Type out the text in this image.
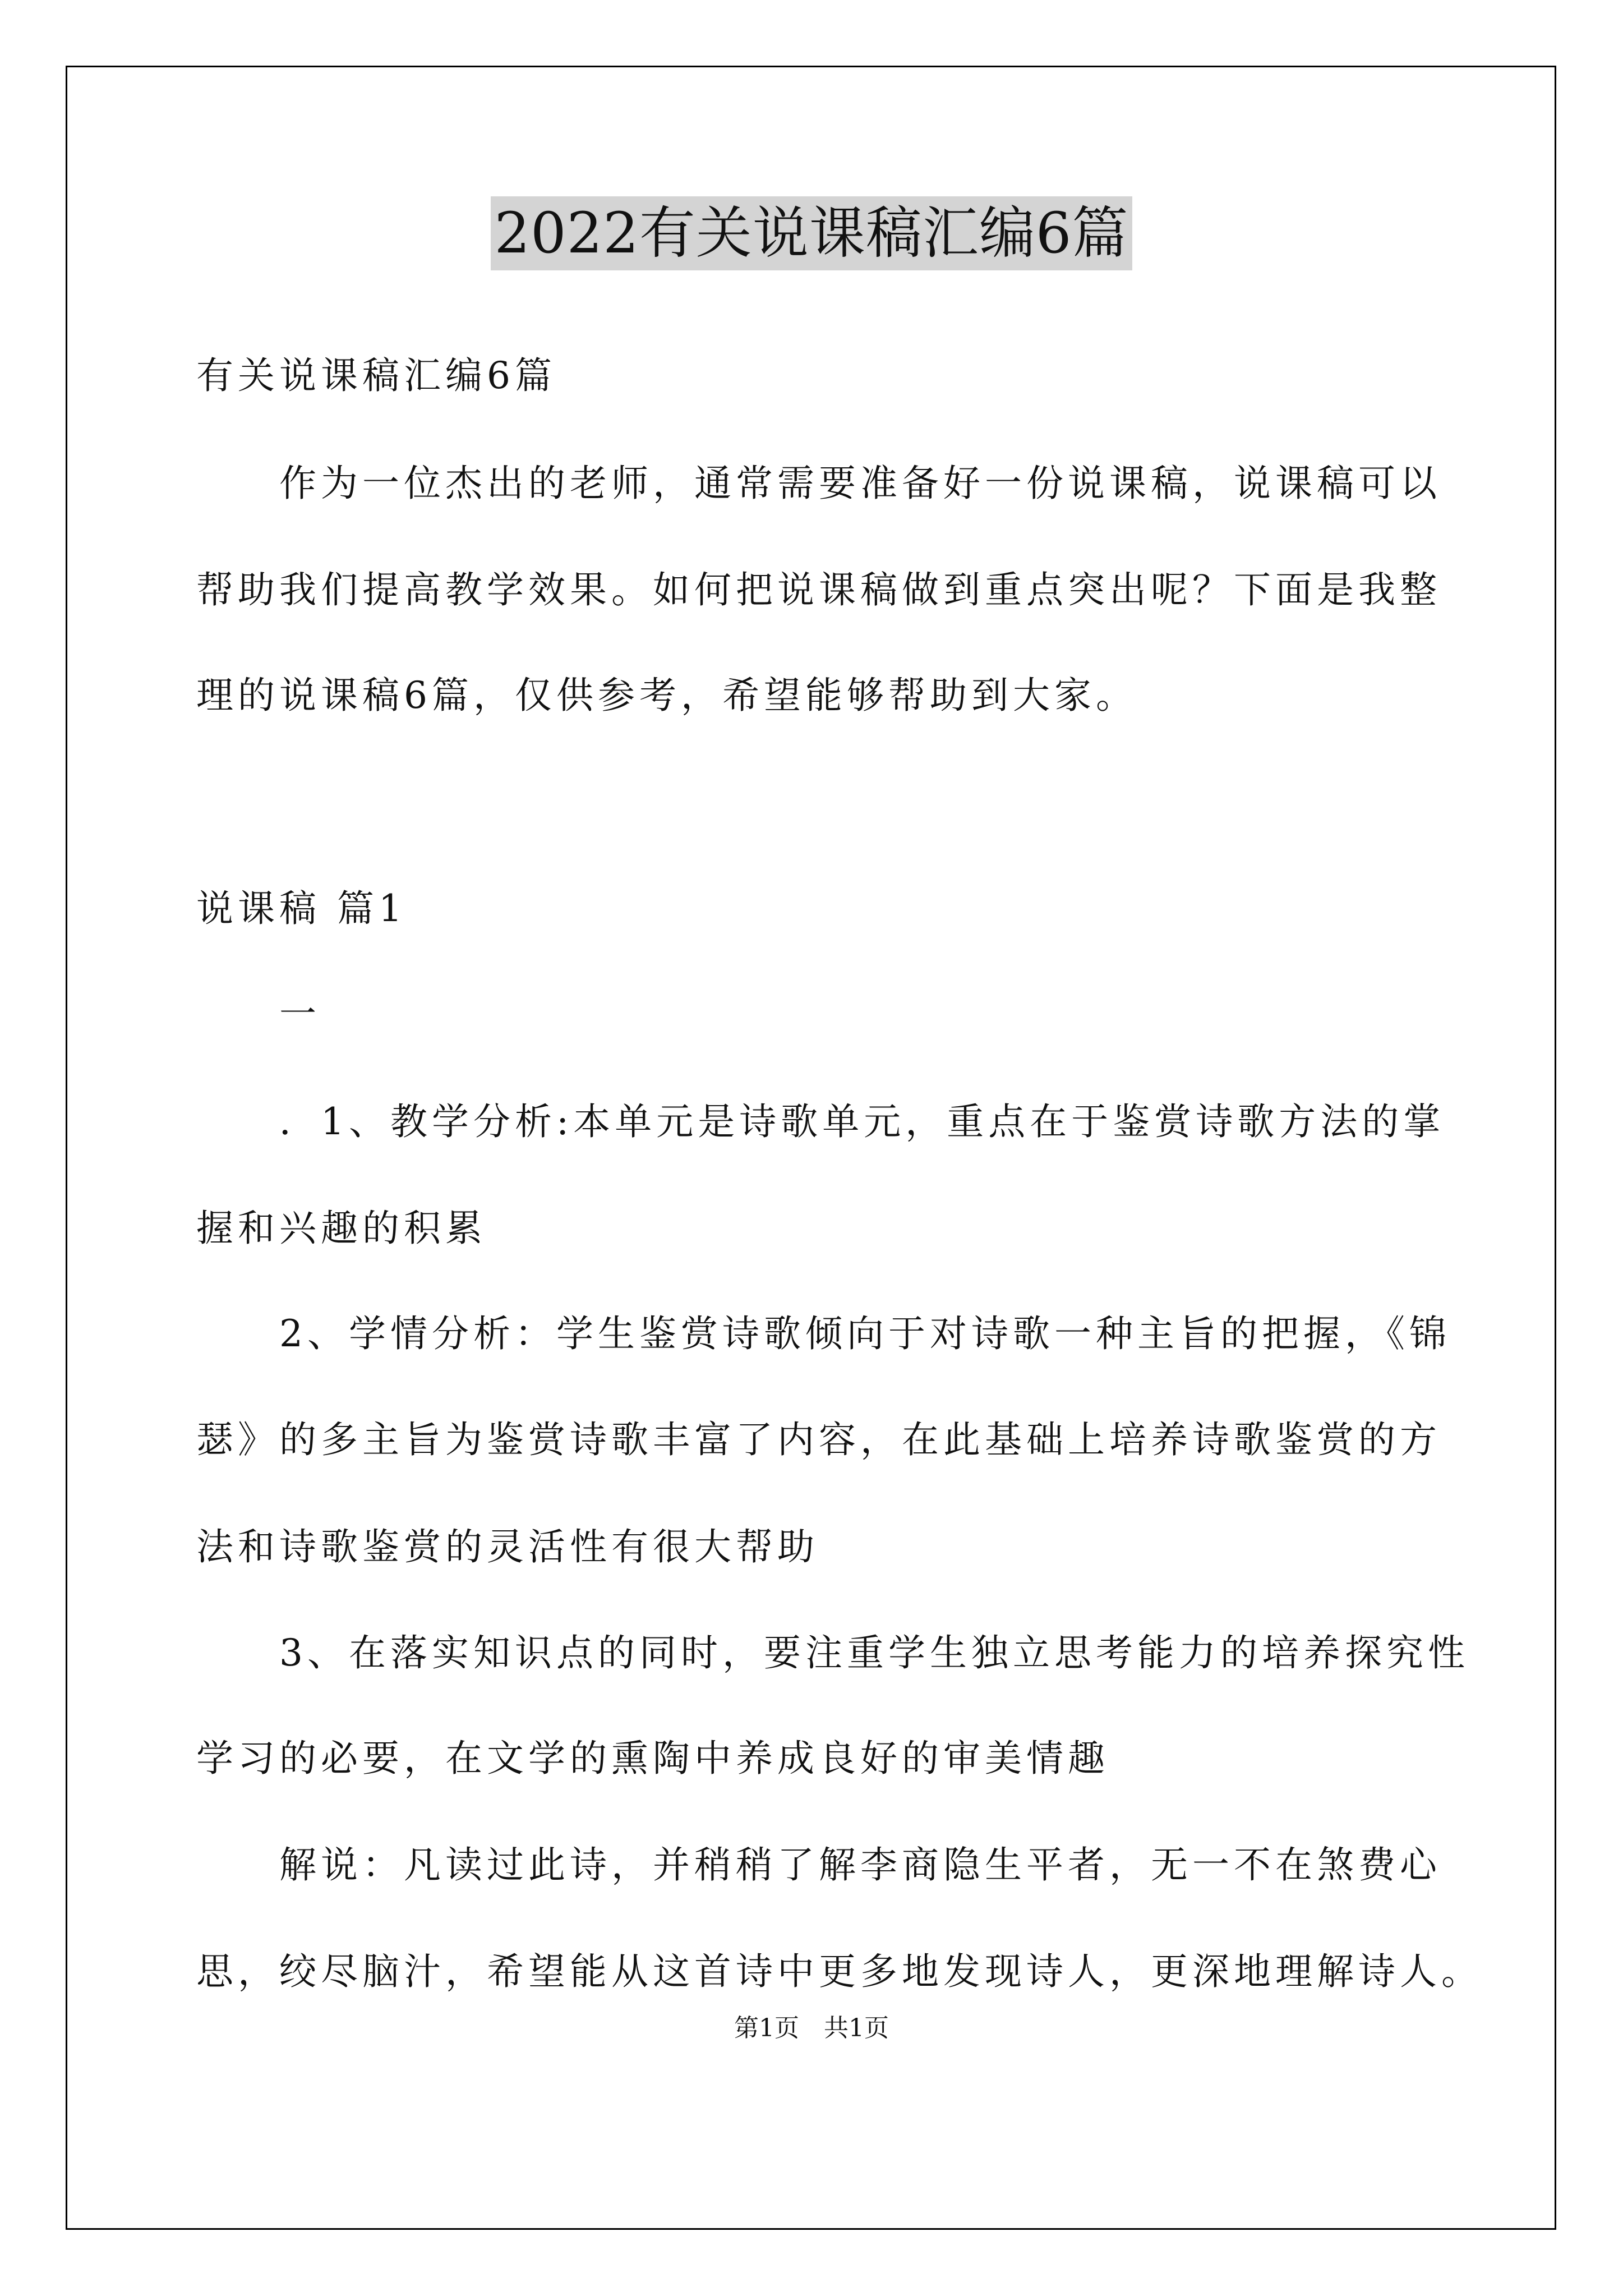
2022有关说课稿汇编6篇
有关说课稿汇编6篇
　　作为一位杰出的老师，通常需要准备好一份说课稿，说课稿可以
帮助我们提高教学效果。如何把说课稿做到重点突出呢？下面是我整
理的说课稿6篇，仅供参考，希望能够帮助到大家。
说课稿 篇1
　　一
　　．1、教学分析:本单元是诗歌单元，重点在于鉴赏诗歌方法的掌
握和兴趣的积累
　　2、学情分析：学生鉴赏诗歌倾向于对诗歌一种主旨的把握，《锦
瑟》的多主旨为鉴赏诗歌丰富了内容，在此基础上培养诗歌鉴赏的方
法和诗歌鉴赏的灵活性有很大帮助
　　3、在落实知识点的同时，要注重学生独立思考能力的培养探究性
学习的必要，在文学的熏陶中养成良好的审美情趣
　　解说：凡读过此诗，并稍稍了解李商隐生平者，无一不在煞费心
思，绞尽脑汁，希望能从这首诗中更多地发现诗人，更深地理解诗人。
第1页　共1页
